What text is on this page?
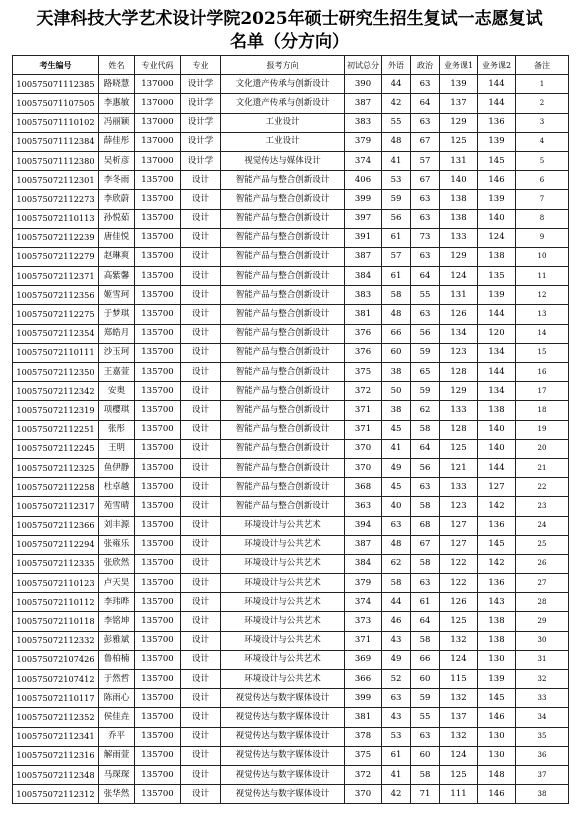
天津科技大学艺术设计学院2025年硕士研究生招生复试一志愿复试
名单（分方向）
考生编号	姓名	专业代码	专业	报考方向	初试总分	外语	政治	业务课1	业务课2	备注
100575071112385	路晓慧	137000	设计学	文化遗产传承与创新设计	390	44	63	139	144	1
100575071107505	李惠敏	137000	设计学	文化遗产传承与创新设计	387	42	64	137	144	2
100575071110102	冯丽颖	137000	设计学	工业设计	383	55	63	129	136	3
100575071112384	薛佳彤	137000	设计学	工业设计	379	48	67	125	139	4
100575071112380	吴析彦	137000	设计学	视觉传达与媒体设计	374	41	57	131	145	5
100575072112301	李冬雨	135700	设计	智能产品与整合创新设计	406	53	67	140	146	6
100575072112273	李欣蔚	135700	设计	智能产品与整合创新设计	399	59	63	138	139	7
100575072110113	孙悦茹	135700	设计	智能产品与整合创新设计	397	56	63	138	140	8
100575072112239	唐佳悦	135700	设计	智能产品与整合创新设计	391	61	73	133	124	9
100575072112279	赵琳爽	135700	设计	智能产品与整合创新设计	387	57	63	129	138	10
100575072112371	高紫馨	135700	设计	智能产品与整合创新设计	384	61	64	124	135	11
100575072112356	姬雪珂	135700	设计	智能产品与整合创新设计	383	58	55	131	139	12
100575072112275	于梦琪	135700	设计	智能产品与整合创新设计	381	48	63	126	144	13
100575072112354	郑皓月	135700	设计	智能产品与整合创新设计	376	66	56	134	120	14
100575072110111	沙玉珂	135700	设计	智能产品与整合创新设计	376	60	59	123	134	15
100575072112350	王嘉萱	135700	设计	智能产品与整合创新设计	375	38	65	128	144	16
100575072112342	安奥	135700	设计	智能产品与整合创新设计	372	50	59	129	134	17
100575072112319	项樱琪	135700	设计	智能产品与整合创新设计	371	38	62	133	138	18
100575072112251	张彤	135700	设计	智能产品与整合创新设计	371	45	58	128	140	19
100575072112245	王明	135700	设计	智能产品与整合创新设计	370	41	64	125	140	20
100575072112325	鱼伊静	135700	设计	智能产品与整合创新设计	370	49	56	121	144	21
100575072112258	杜卓越	135700	设计	智能产品与整合创新设计	368	45	63	133	127	22
100575072112317	苑雪晴	135700	设计	智能产品与整合创新设计	363	40	58	123	142	23
100575072112366	刘丰源	135700	设计	环境设计与公共艺术	394	63	68	127	136	24
100575072112294	张雍乐	135700	设计	环境设计与公共艺术	387	48	67	127	145	25
100575072112335	张欣然	135700	设计	环境设计与公共艺术	384	62	58	122	142	26
100575072110123	卢天昊	135700	设计	环境设计与公共艺术	379	58	63	122	136	27
100575072110112	李玮晔	135700	设计	环境设计与公共艺术	374	44	61	126	143	28
100575072110118	李铭坤	135700	设计	环境设计与公共艺术	373	46	64	125	138	29
100575072112332	彭雅斌	135700	设计	环境设计与公共艺术	371	43	58	132	138	30
100575072107426	鲁柏楠	135700	设计	环境设计与公共艺术	369	49	66	124	130	31
100575072107412	于然哲	135700	设计	环境设计与公共艺术	366	52	60	115	139	32
100575072110117	陈雨心	135700	设计	视觉传达与数字媒体设计	399	63	59	132	145	33
100575072112352	侯佳垚	135700	设计	视觉传达与数字媒体设计	381	43	55	137	146	34
100575072112341	乔平	135700	设计	视觉传达与数字媒体设计	378	53	63	132	130	35
100575072112316	解雨萱	135700	设计	视觉传达与数字媒体设计	375	61	60	124	130	36
100575072112348	马琛琛	135700	设计	视觉传达与数字媒体设计	372	41	58	125	148	37
100575072112312	张华然	135700	设计	视觉传达与数字媒体设计	370	42	71	111	146	38
